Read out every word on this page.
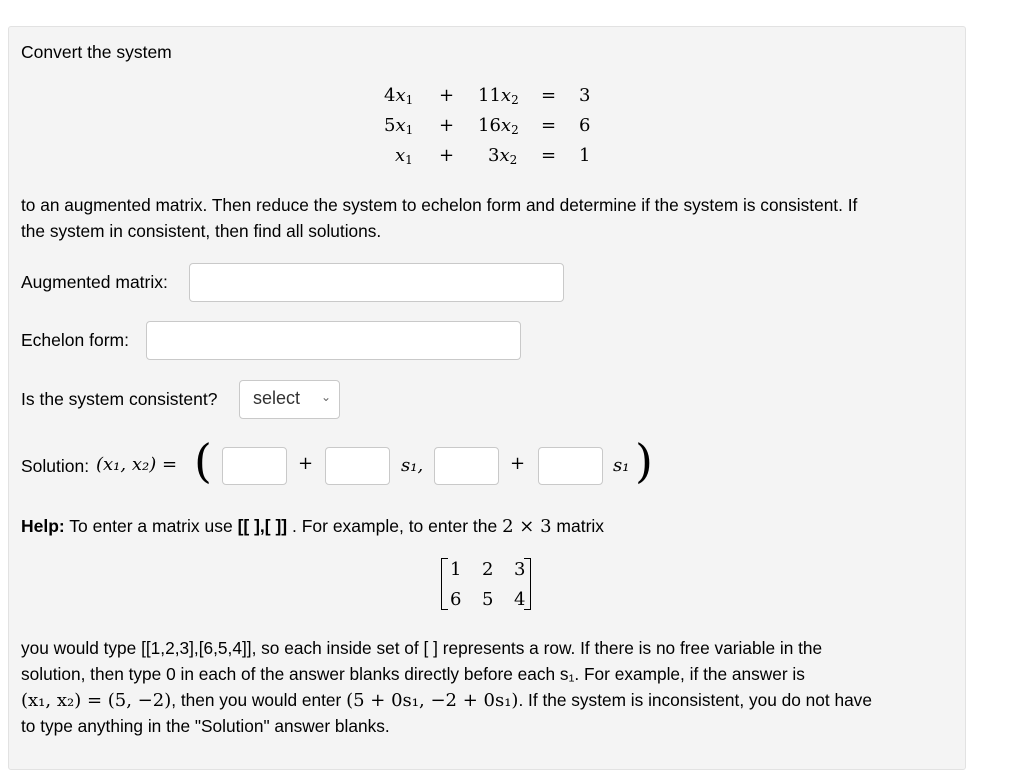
Convert the system
$4x_1 + 11x_2 = 3$
$5x_1 + 16x_2 = 6$
$x_1 + 3x_2 = 1$
to an augmented matrix. Then reduce the system to echelon form and determine if the system is consistent. If
the system in consistent, then find all solutions.
Augmented matrix:
Echelon form:
Is the system consistent?	select ⌄
Solution: (x₁, x₂) = (	+	s₁,	+	s₁ )
Help: To enter a matrix use [[ ],[ ]] . For example, to enter the 2 × 3 matrix
1 2 3
6 5 4
you would type [[1,2,3],[6,5,4]], so each inside set of [ ] represents a row. If there is no free variable in the
solution, then type 0 in each of the answer blanks directly before each s₁. For example, if the answer is
(x₁, x₂) = (5, −2), then you would enter (5 + 0s₁, −2 + 0s₁). If the system is inconsistent, you do not have
to type anything in the "Solution" answer blanks.
